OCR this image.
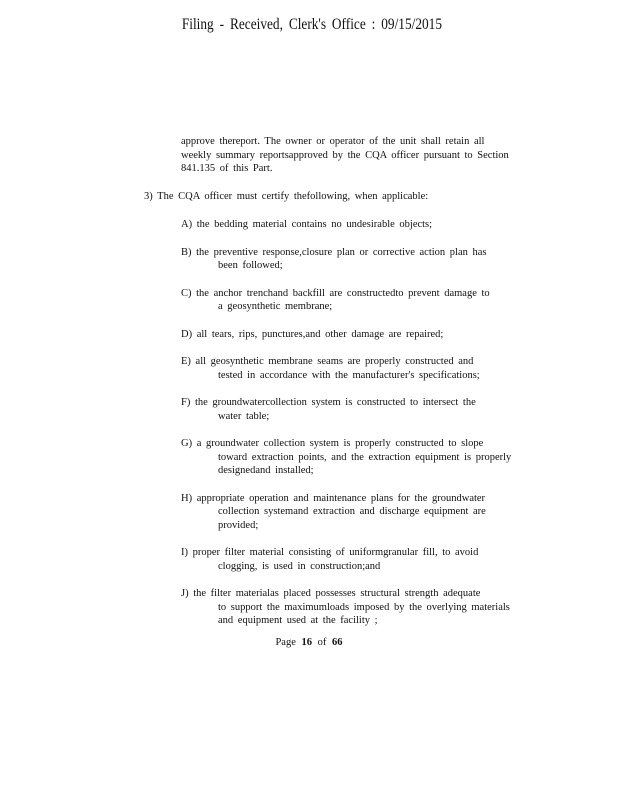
Filing - Received, Clerk's Office : 09/15/2015
approve thereport. The owner or operator of the unit shall retain all
weekly summary reportsapproved by the CQA officer pursuant to Section
841.135 of this Part.
3) The CQA officer must certify thefollowing, when applicable:
A) the bedding material contains no undesirable objects;
B) the preventive response,closure plan or corrective action plan has
been followed;
C) the anchor trenchand backfill are constructedto prevent damage to
a geosynthetic membrane;
D) all tears, rips, punctures,and other damage are repaired;
E) all geosynthetic membrane seams are properly constructed and
tested in accordance with the manufacturer's specifications;
F) the groundwatercollection system is constructed to intersect the
water table;
G) a groundwater collection system is properly constructed to slope
toward extraction points, and the extraction equipment is properly
designedand installed;
H) appropriate operation and maintenance plans for the groundwater
collection systemand extraction and discharge equipment are
provided;
I) proper filter material consisting of uniformgranular fill, to avoid
clogging, is used in construction;and
J) the filter materialas placed possesses structural strength adequate
to support the maximumloads imposed by the overlying materials
and equipment used at the facility ;
Page 16 of 66
